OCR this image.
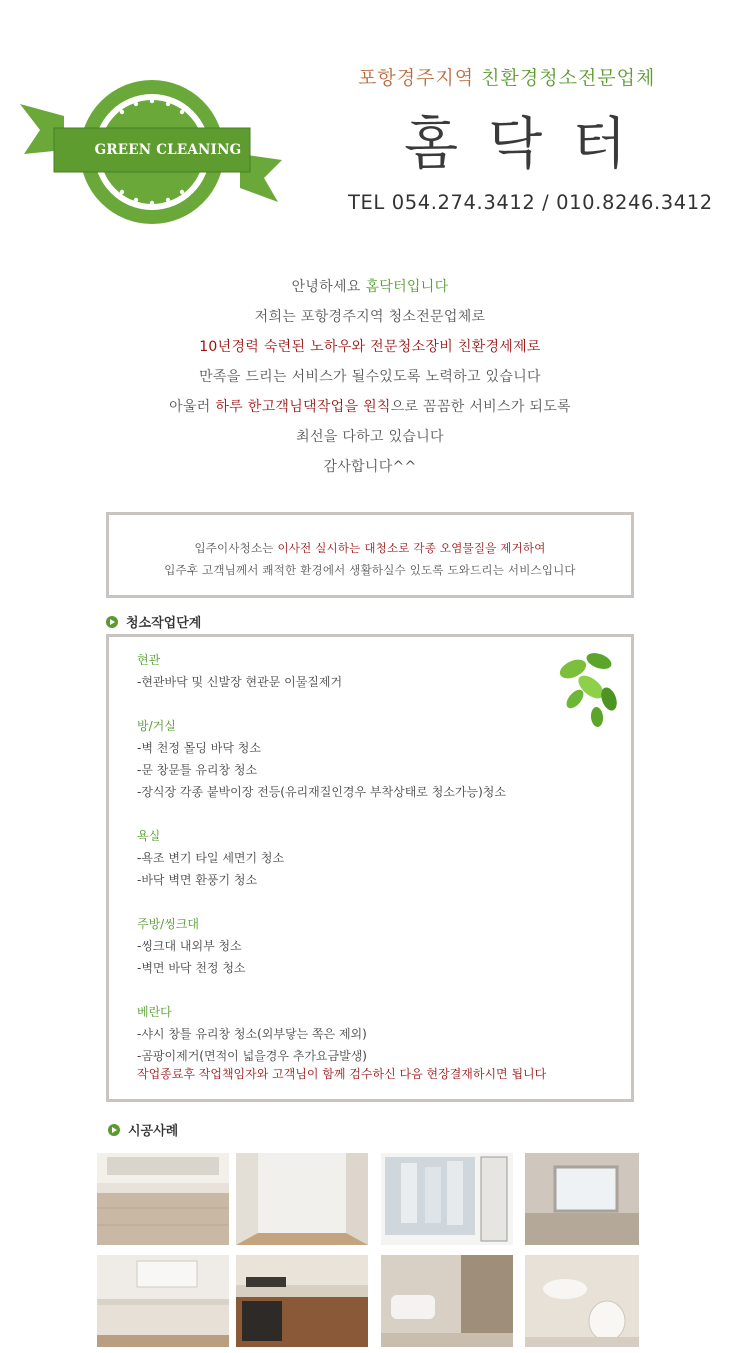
GREEN CLEANING
포항경주지역 친환경청소전문업체
홈닥터
TEL 054.274.3412 / 010.8246.3412

안녕하세요 홈닥터입니다

저희는 포항경주지역 청소전문업체로

10년경력 숙련된 노하우와 전문청소장비 친환경세제로

만족을 드리는 서비스가 될수있도록 노력하고 있습니다

아울러 하루 한고객님댁작업을 원칙으로 꼼꼼한 서비스가 되도록

최선을 다하고 있습니다

감사합니다^^

입주이사청소는 이사전 실시하는 대청소로 각종 오염물질을 제거하여

입주후 고객님께서 쾌적한 환경에서 생활하실수 있도록 도와드리는 서비스입니다

청소작업단계
현관
-현관바닥 및 신발장 현관문 이물질제거
방/거실
-벽 천정 몰딩 바닥 청소
-문 창문틀 유리창 청소
-장식장 각종 붙박이장 전등(유리재질인경우 부착상태로 청소가능)청소
욕실
-욕조 변기 타일 세면기 청소
-바닥 벽면 환풍기 청소
주방/씽크대
-씽크대 내외부 청소
-벽면 바닥 천정 청소
베란다
-샤시 창틀 유리창 청소(외부닿는 쪽은 제외)
-곰팡이제거(면적이 넓을경우 추가요금발생)
작업종료후 작업책임자와 고객님이 함께 검수하신 다음 현장결재하시면 됩니다
시공사례
